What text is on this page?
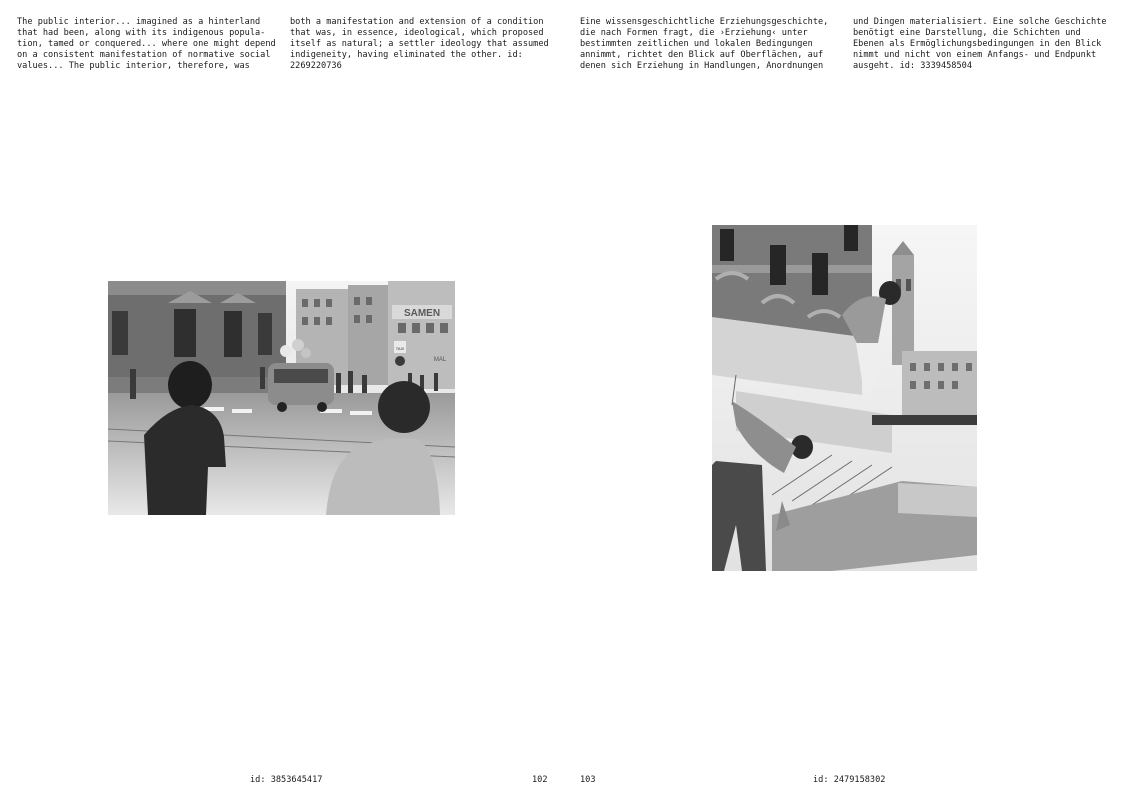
The public interior... imagined as a hinterland
that had been, along with its indigenous popula-
tion, tamed or conquered... where one might depend
on a consistent manifestation of normative social
values... The public interior, therefore, was

both a manifestation and extension of a condition
that was, in essence, ideological, which proposed
itself as natural; a settler ideology that assumed
indigeneity, having eliminated the other. id:
2269220736

SAMEN
MAL
TAXI
id: 3853645417	102

Eine wissensgeschichtliche Erziehungsgeschichte,
die nach Formen fragt, die ›Erziehung‹ unter
bestimmten zeitlichen und lokalen Bedingungen
annimmt, richtet den Blick auf Oberflächen, auf
denen sich Erziehung in Handlungen, Anordnungen

und Dingen materialisiert. Eine solche Geschichte
benötigt eine Darstellung, die Schichten und
Ebenen als Ermöglichungsbedingungen in den Blick
nimmt und nicht von einem Anfangs- und Endpunkt
ausgeht. id: 3339458504

103	id: 2479158302
